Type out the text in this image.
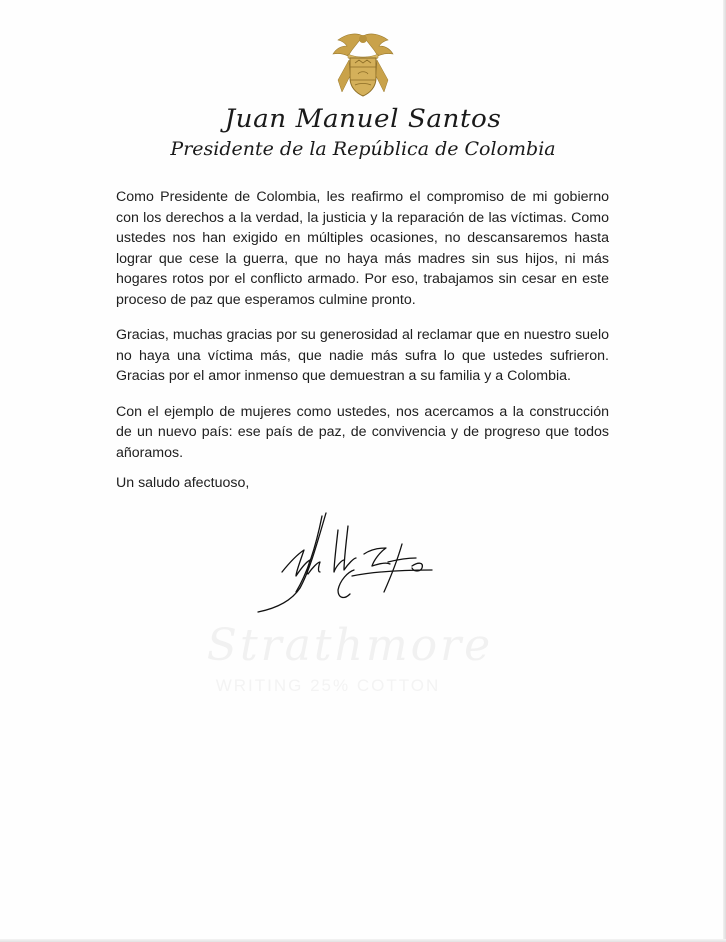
Juan Manuel Santos
Presidente de la República de Colombia

Como Presidente de Colombia, les reafirmo el compromiso de mi gobierno con los derechos a la verdad, la justicia y la reparación de las víctimas. Como ustedes nos han exigido en múltiples ocasiones, no descansaremos hasta lograr que cese la guerra, que no haya más madres sin sus hijos, ni más hogares rotos por el conflicto armado. Por eso, trabajamos sin cesar en este proceso de paz que esperamos culmine pronto.

Gracias, muchas gracias por su generosidad al reclamar que en nuestro suelo no haya una víctima más, que nadie más sufra lo que ustedes sufrieron. Gracias por el amor inmenso que demuestran a su familia y a Colombia.

Con el ejemplo de mujeres como ustedes, nos acercamos a la construcción de un nuevo país: ese país de paz, de convivencia y de progreso que todos añoramos.

Un saludo afectuoso,
Strathmore
WRITING 25% COTTON
